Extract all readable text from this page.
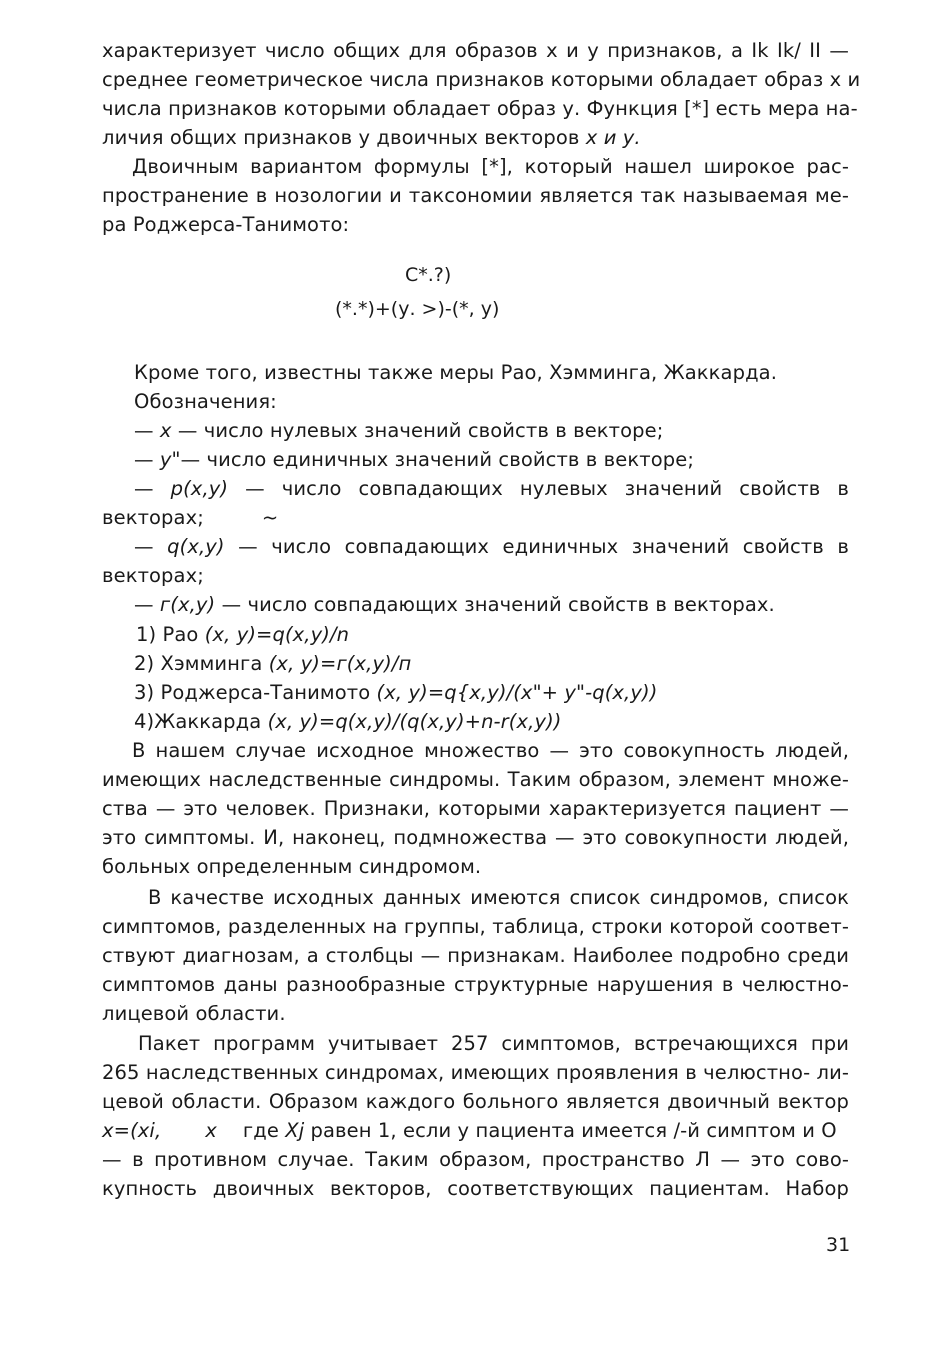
характеризует число общих для образов х и у признаков, а Ik Ik/ II —
среднее геометрическое числа признаков которыми обладает образ х и
числа признаков которыми обладает образ у. Функция [*] есть мера на-
личия общих признаков у двоичных векторов х и у.
Двоичным вариантом формулы [*], который нашел широкое рас-
пространение в нозологии и таксономии является так называемая ме-
ра Роджерса-Танимото:
С*.?)
(*.*)+(у. >)-(*, у)
Кроме того, известны также меры Рао, Хэмминга, Жаккарда.
Обозначения:
— х — число нулевых значений свойств в векторе;
— у"— число единичных значений свойств в векторе;
— р(х,у) — число совпадающих нулевых значений свойств в
векторах;	~
— q(x,y) — число совпадающих единичных значений свойств в
векторах;
— г(х,у) — число совпадающих значений свойств в векторах.
1) Рао (х, y)=q(x,y)/n
2) Хэмминга (х, у)=г(х,у)/п
3) Роджерса-Танимото (х, y)=q{x,y)/(x"+ у"-q(x,y))
4)Жаккарда (х, y)=q(x,y)/(q(x,y)+n-r(x,y))
В нашем случае исходное множество — это совокупность людей,
имеющих наследственные синдромы. Таким образом, элемент множе-
ства — это человек. Признаки, которыми характеризуется пациент —
это симптомы. И, наконец, подмножества — это совокупности людей,
больных определенным синдромом.
В качестве исходных данных имеются список синдромов, список
симптомов, разделенных на группы, таблица, строки которой соответ-
ствуют диагнозам, а столбцы — признакам. Наиболее подробно среди
симптомов даны разнообразные структурные нарушения в челюстно-
лицевой области.
Пакет программ учитывает 257 симптомов, встречающихся при
265 наследственных синдромах, имеющих проявления в челюстно- ли-
цевой области. Образом каждого больного является двоичный вектор
x=(xi, x где Xj равен 1, если у пациента имеется /-й симптом и О
— в противном случае. Таким образом, пространство Л — это сово-
купность двоичных векторов, соответствующих пациентам. Набор
31
